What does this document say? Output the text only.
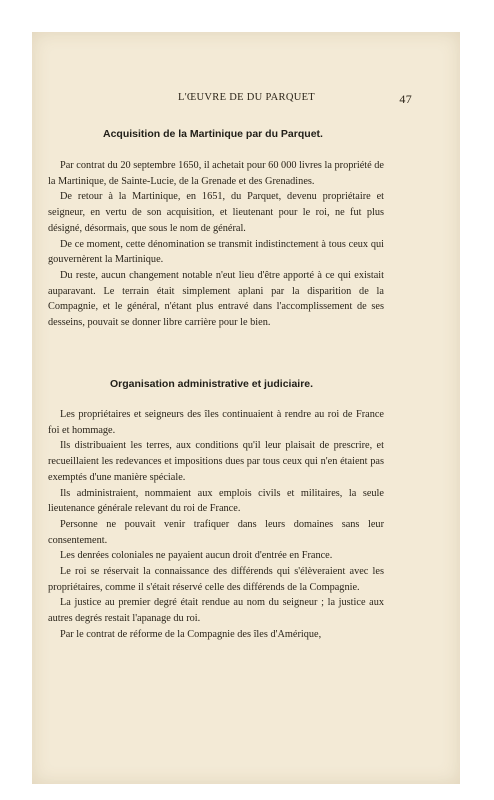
L'ŒUVRE DE DU PARQUET	47
Acquisition de la Martinique par du Parquet.

Par contrat du 20 septembre 1650, il achetait pour 60 000 livres la propriété de la Martinique, de Sainte-Lucie, de la Grenade et des Grenadines.

De retour à la Martinique, en 1651, du Parquet, devenu propriétaire et seigneur, en vertu de son acquisition, et lieutenant pour le roi, ne fut plus désigné, désormais, que sous le nom de général.

De ce moment, cette dénomination se transmit indistinctement à tous ceux qui gouvernèrent la Martinique.

Du reste, aucun changement notable n'eut lieu d'être apporté à ce qui existait auparavant. Le terrain était simplement aplani par la disparition de la Compagnie, et le général, n'étant plus entravé dans l'accomplissement de ses desseins, pouvait se donner libre carrière pour le bien.

Organisation administrative et judiciaire.

Les propriétaires et seigneurs des îles continuaient à rendre au roi de France foi et hommage.

Ils distribuaient les terres, aux conditions qu'il leur plaisait de prescrire, et recueillaient les redevances et impositions dues par tous ceux qui n'en étaient pas exemptés d'une manière spéciale.

Ils administraient, nommaient aux emplois civils et militaires, la seule lieutenance générale relevant du roi de France.

Personne ne pouvait venir trafiquer dans leurs domaines sans leur consentement.

Les denrées coloniales ne payaient aucun droit d'entrée en France.

Le roi se réservait la connaissance des différends qui s'élèveraient avec les propriétaires, comme il s'était réservé celle des différends de la Compagnie.

La justice au premier degré était rendue au nom du seigneur ; la justice aux autres degrés restait l'apanage du roi.

Par le contrat de réforme de la Compagnie des îles d'Amérique,
